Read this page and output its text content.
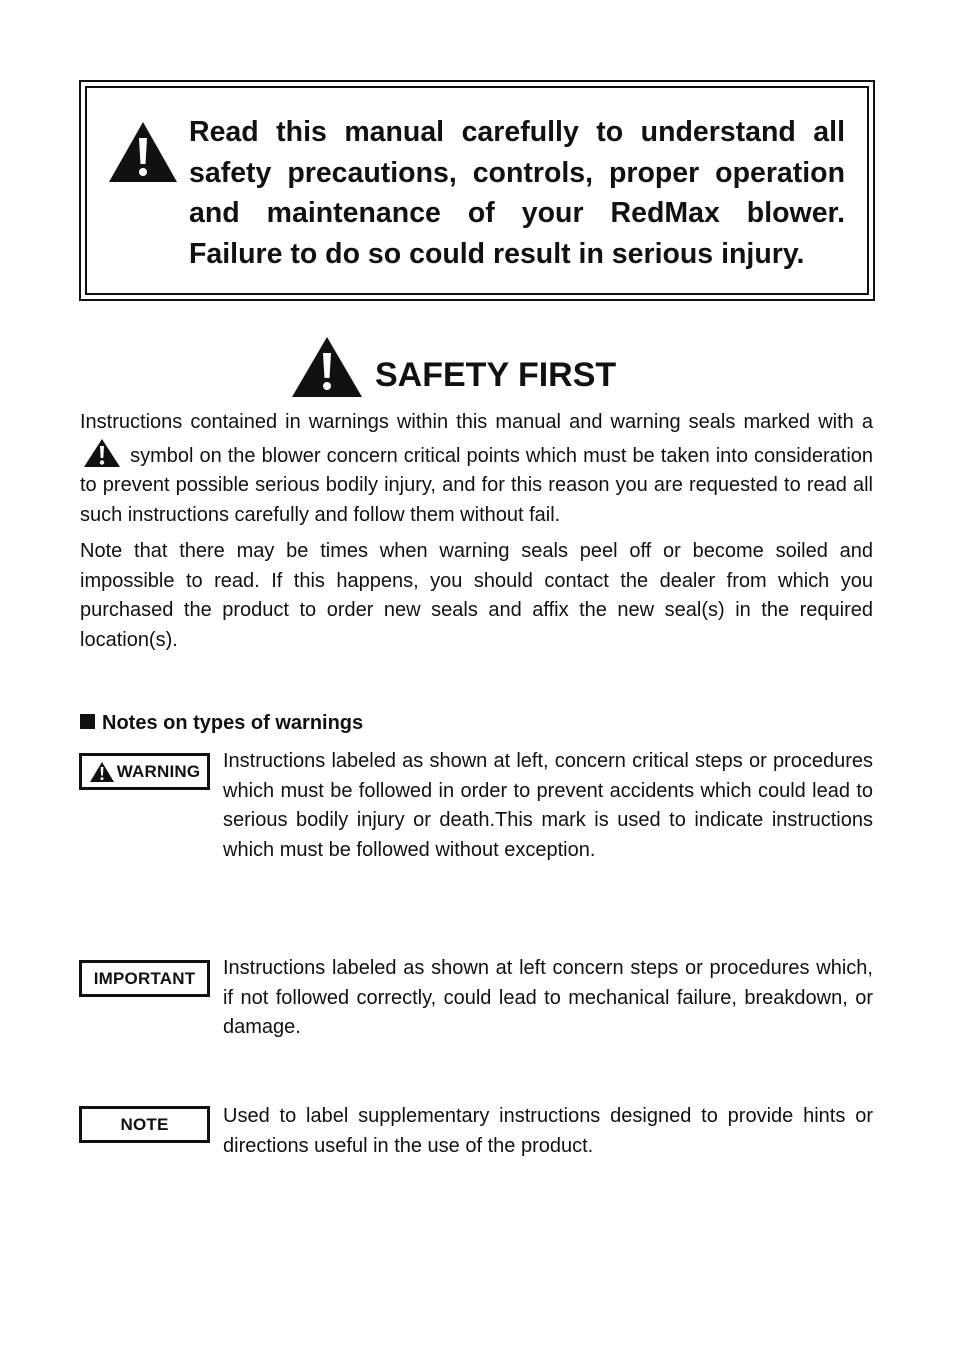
Read this manual carefully to understand all safety precautions, controls, proper operation and maintenance of your RedMax blower. Failure to do so could result in serious injury.
SAFETY FIRST
Instructions contained in warnings within this manual and warning seals marked with a  symbol on the blower concern critical points which must be taken into consideration to prevent possible serious bodily injury, and for this reason you are requested to read all such instructions carefully and follow them without fail.
Note that there may be times when warning seals peel off or become soiled and impossible to read. If this happens, you should contact the dealer from which you purchased the product to order new seals and affix the new seal(s) in the required location(s).
Notes on types of warnings
WARNING Instructions labeled as shown at left, concern critical steps or procedures which must be followed in order to prevent accidents which could lead to serious bodily injury or death.This mark is used to indicate instructions which must be followed without exception.
IMPORTANT Instructions labeled as shown at left concern steps or procedures which, if not followed correctly, could lead to mechanical failure, breakdown, or damage.
NOTE	Used to label supplementary instructions designed to provide hints or directions useful in the use of the product.
